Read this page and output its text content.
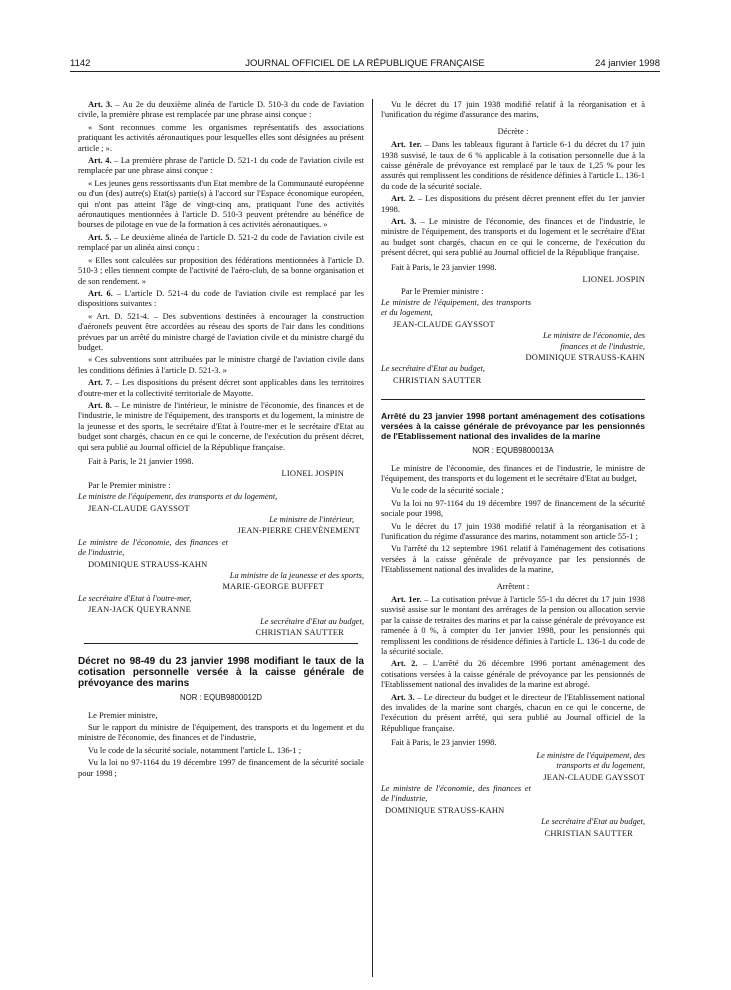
1142	JOURNAL OFFICIEL DE LA RÉPUBLIQUE FRANÇAISE	24 janvier 1998

Art. 3. – Au 2e du deuxième alinéa de l'article D. 510-3 du code de l'aviation civile, la première phrase est remplacée par une phrase ainsi conçue :

« Sont reconnues comme les organismes représentatifs des associations pratiquant les activités aéronautiques pour lesquelles elles sont désignées au présent article ; ».

Art. 4. – La première phrase de l'article D. 521-1 du code de l'aviation civile est remplacée par une phrase ainsi conçue :

« Les jeunes gens ressortissants d'un Etat membre de la Communauté européenne ou d'un (des) autre(s) Etat(s) partie(s) à l'accord sur l'Espace économique européen, qui n'ont pas atteint l'âge de vingt-cinq ans, pratiquant l'une des activités aéronautiques mentionnées à l'article D. 510-3 peuvent prétendre au bénéfice de bourses de pilotage en vue de la formation à ces activités aéronautiques. »

Art. 5. – Le deuxième alinéa de l'article D. 521-2 du code de l'aviation civile est remplacé par un alinéa ainsi conçu :

« Elles sont calculées sur proposition des fédérations mentionnées à l'article D. 510-3 ; elles tiennent compte de l'activité de l'aéro-club, de sa bonne organisation et de son rendement. »

Art. 6. – L'article D. 521-4 du code de l'aviation civile est remplacé par les dispositions suivantes :

« Art. D. 521-4. – Des subventions destinées à encourager la construction d'aéronefs peuvent être accordées au réseau des sports de l'air dans les conditions prévues par un arrêté du ministre chargé de l'aviation civile et du ministre chargé du budget.

« Ces subventions sont attribuées par le ministre chargé de l'aviation civile dans les conditions définies à l'article D. 521-3. »

Art. 7. – Les dispositions du présent décret sont applicables dans les territoires d'outre-mer et la collectivité territoriale de Mayotte.

Art. 8. – Le ministre de l'intérieur, le ministre de l'économie, des finances et de l'industrie, le ministre de l'équipement, des transports et du logement, la ministre de la jeunesse et des sports, le secrétaire d'Etat à l'outre-mer et le secrétaire d'Etat au budget sont chargés, chacun en ce qui le concerne, de l'exécution du présent décret, qui sera publié au Journal officiel de la République française.

Fait à Paris, le 21 janvier 1998.

LIONEL JOSPIN

Par le Premier ministre :

Le ministre de l'équipement, des transports et du logement,

JEAN-CLAUDE GAYSSOT

Le ministre de l'intérieur,

JEAN-PIERRE CHEVÈNEMENT

Le ministre de l'économie, des finances et de l'industrie,

DOMINIQUE STRAUSS-KAHN

La ministre de la jeunesse et des sports,

MARIE-GEORGE BUFFET

Le secrétaire d'Etat à l'outre-mer,

JEAN-JACK QUEYRANNE

Le secrétaire d'Etat au budget,

CHRISTIAN SAUTTER

Décret no 98-49 du 23 janvier 1998 modifiant le taux de la cotisation personnelle versée à la caisse générale de prévoyance des marins
NOR : EQUB9800012D

Le Premier ministre,

Sur le rapport du ministre de l'équipement, des transports et du logement et du ministre de l'économie, des finances et de l'industrie,

Vu le code de la sécurité sociale, notamment l'article L. 136-1 ;

Vu la loi no 97-1164 du 19 décembre 1997 de financement de la sécurité sociale pour 1998 ;

Vu le décret du 17 juin 1938 modifié relatif à la réorganisation et à l'unification du régime d'assurance des marins,

Décrète :

Art. 1er. – Dans les tableaux figurant à l'article 6-1 du décret du 17 juin 1938 susvisé, le taux de 6 % applicable à la cotisation personnelle due à la caisse générale de prévoyance est remplacé par le taux de 1,25 % pour les assurés qui remplissent les conditions de résidence définies à l'article L. 136-1 du code de la sécurité sociale.

Art. 2. – Les dispositions du présent décret prennent effet du 1er janvier 1998.

Art. 3. – Le ministre de l'économie, des finances et de l'industrie, le ministre de l'équipement, des transports et du logement et le secrétaire d'Etat au budget sont chargés, chacun en ce qui le concerne, de l'exécution du présent décret, qui sera publié au Journal officiel de la République française.

Fait à Paris, le 23 janvier 1998.

LIONEL JOSPIN

Par le Premier ministre :

Le ministre de l'équipement, des transports et du logement,

JEAN-CLAUDE GAYSSOT

Le ministre de l'économie, des finances et de l'industrie,

DOMINIQUE STRAUSS-KAHN

Le secrétaire d'Etat au budget,

CHRISTIAN SAUTTER

Arrêté du 23 janvier 1998 portant aménagement des cotisations versées à la caisse générale de prévoyance par les pensionnés de l'Etablissement national des invalides de la marine
NOR : EQUB9800013A

Le ministre de l'économie, des finances et de l'industrie, le ministre de l'équipement, des transports et du logement et le secrétaire d'Etat au budget,

Vu le code de la sécurité sociale ;

Vu la loi no 97-1164 du 19 décembre 1997 de financement de la sécurité sociale pour 1998,

Vu le décret du 17 juin 1938 modifié relatif à la réorganisation et à l'unification du régime d'assurance des marins, notamment son article 55-1 ;

Vu l'arrêté du 12 septembre 1961 relatif à l'aménagement des cotisations versées à la caisse générale de prévoyance par les pensionnés de l'Etablissement national des invalides de la marine,

Arrêtent :

Art. 1er. – La cotisation prévue à l'article 55-1 du décret du 17 juin 1938 susvisé assise sur le montant des arrérages de la pension ou allocation servie par la caisse de retraites des marins et par la caisse générale de prévoyance est ramenée à 0 %, à compter du 1er janvier 1998, pour les pensionnés qui remplissent les conditions de résidence définies à l'article L. 136-1 du code de la sécurité sociale.

Art. 2. – L'arrêté du 26 décembre 1996 portant aménagement des cotisations versées à la caisse générale de prévoyance par les pensionnés de l'Etablissement national des invalides de la marine est abrogé.

Art. 3. – Le directeur du budget et le directeur de l'Etablissement national des invalides de la marine sont chargés, chacun en ce qui le concerne, de l'exécution du présent arrêté, qui sera publié au Journal officiel de la République française.

Fait à Paris, le 23 janvier 1998.

Le ministre de l'équipement, des transports et du logement,

JEAN-CLAUDE GAYSSOT

Le ministre de l'économie, des finances et de l'industrie,

DOMINIQUE STRAUSS-KAHN

Le secrétaire d'Etat au budget,

CHRISTIAN SAUTTER
